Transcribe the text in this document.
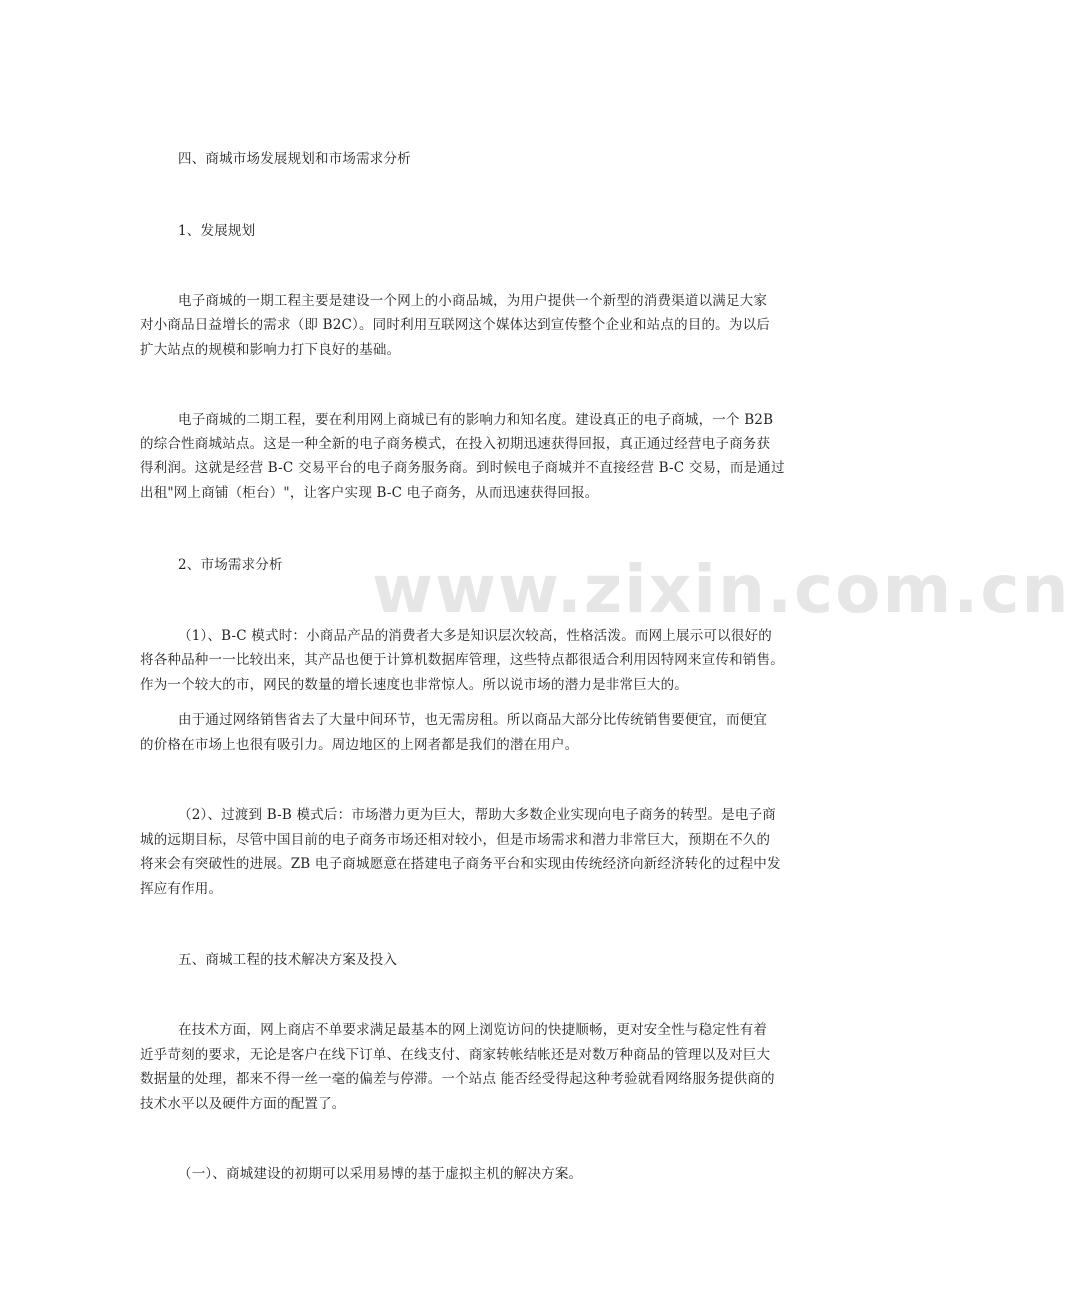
www.zixin.com.cn
四、商城市场发展规划和市场需求分析
1、发展规划
电子商城的一期工程主要是建设一个网上的小商品城，为用户提供一个新型的消费渠道以满足大家
对小商品日益增长的需求（即 B2C）。同时利用互联网这个媒体达到宣传整个企业和站点的目的。为以后
扩大站点的规模和影响力打下良好的基础。
电子商城的二期工程，要在利用网上商城已有的影响力和知名度。建设真正的电子商城，一个 B2B
的综合性商城站点。这是一种全新的电子商务模式，在投入初期迅速获得回报，真正通过经营电子商务获
得利润。这就是经营 B-C 交易平台的电子商务服务商。到时候电子商城并不直接经营 B-C 交易，而是通过
出租"网上商铺（柜台）"，让客户实现 B-C 电子商务，从而迅速获得回报。
2、市场需求分析
（1）、B-C 模式时：小商品产品的消费者大多是知识层次较高，性格活泼。而网上展示可以很好的
将各种品种一一比较出来，其产品也便于计算机数据库管理，这些特点都很适合利用因特网来宣传和销售。
作为一个较大的市，网民的数量的增长速度也非常惊人。所以说市场的潜力是非常巨大的。
由于通过网络销售省去了大量中间环节，也无需房租。所以商品大部分比传统销售要便宜，而便宜
的价格在市场上也很有吸引力。周边地区的上网者都是我们的潜在用户。
（2）、过渡到 B-B 模式后：市场潜力更为巨大，帮助大多数企业实现向电子商务的转型。是电子商
城的远期目标，尽管中国目前的电子商务市场还相对较小，但是市场需求和潜力非常巨大，预期在不久的
将来会有突破性的进展。ZB 电子商城愿意在搭建电子商务平台和实现由传统经济向新经济转化的过程中发
挥应有作用。
五、商城工程的技术解决方案及投入
在技术方面，网上商店不单要求满足最基本的网上浏览访问的快捷顺畅，更对安全性与稳定性有着
近乎苛刻的要求，无论是客户在线下订单、在线支付、商家转帐结帐还是对数万种商品的管理以及对巨大
数据量的处理，都来不得一丝一毫的偏差与停滞。一个站点 能否经受得起这种考验就看网络服务提供商的
技术水平以及硬件方面的配置了。
（一）、商城建设的初期可以采用易博的基于虚拟主机的解决方案。
